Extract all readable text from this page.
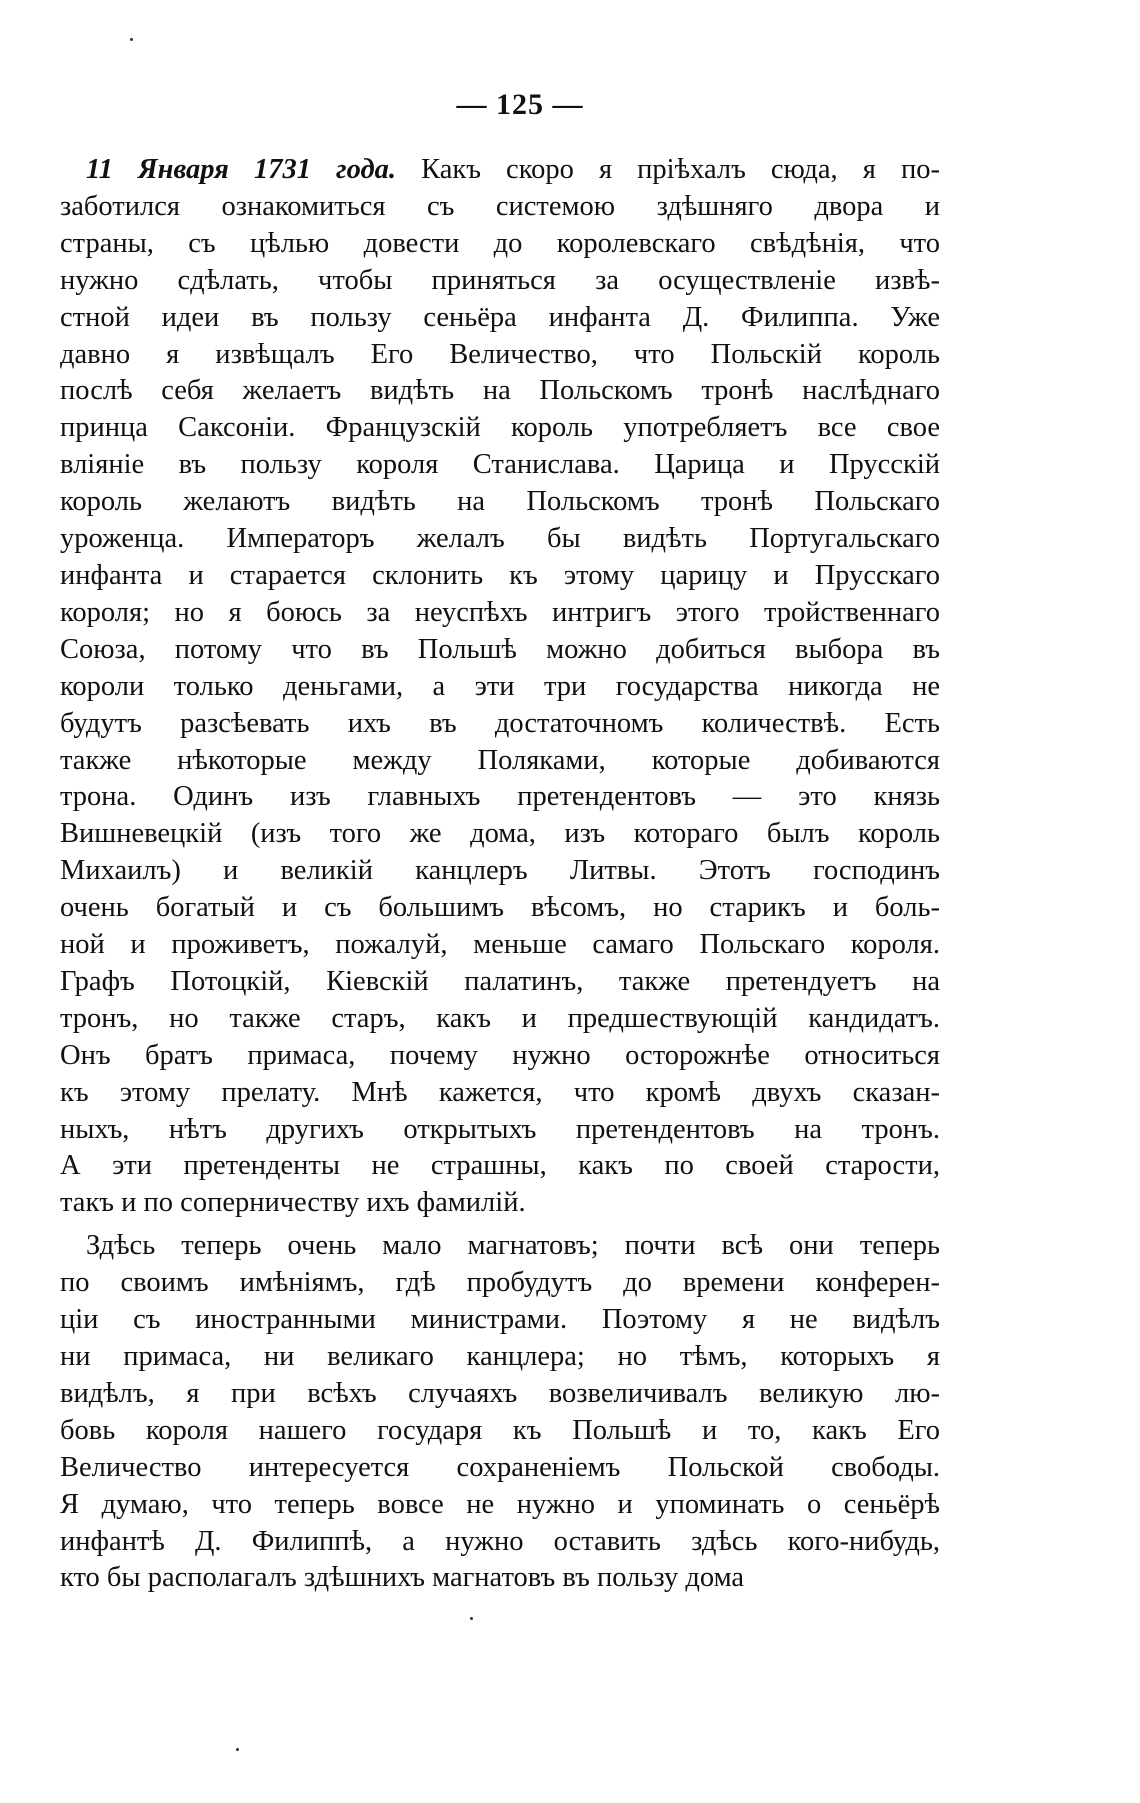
— 125 —
11 Января 1731 года. Какъ скоро я пріѣхалъ сюда, я по-
заботился ознакомиться съ системою здѣшняго двора и
страны, съ цѣлью довести до королевскаго свѣдѣнія, что
нужно сдѣлать, чтобы приняться за осуществленіе извѣ-
стной идеи въ пользу сеньёра инфанта Д. Филиппа. Уже
давно я извѣщалъ Его Величество, что Польскій король
послѣ себя желаетъ видѣть на Польскомъ тронѣ наслѣднаго
принца Саксоніи. Французскій король употребляетъ все свое
вліяніе въ пользу короля Станислава. Царица и Прусскій
король желаютъ видѣть на Польскомъ тронѣ Польскаго
уроженца. Императоръ желалъ бы видѣть Португальскаго
инфанта и старается склонить къ этому царицу и Прусскаго
короля; но я боюсь за неуспѣхъ интригъ этого тройственнаго
Союза, потому что въ Польшѣ можно добиться выбора въ
короли только деньгами, а эти три государства никогда не
будутъ разсѣевать ихъ въ достаточномъ количествѣ. Есть
также нѣкоторые между Поляками, которые добиваются
трона. Одинъ изъ главныхъ претендентовъ — это князь
Вишневецкій (изъ того же дома, изъ котораго былъ король
Михаилъ) и великій канцлеръ Литвы. Этотъ господинъ
очень богатый и съ большимъ вѣсомъ, но старикъ и боль-
ной и проживетъ, пожалуй, меньше самаго Польскаго короля.
Графъ Потоцкій, Кіевскій палатинъ, также претендуетъ на
тронъ, но также старъ, какъ и предшествующій кандидатъ.
Онъ братъ примаса, почему нужно осторожнѣе относиться
къ этому прелату. Мнѣ кажется, что кромѣ двухъ сказан-
ныхъ, нѣтъ другихъ открытыхъ претендентовъ на тронъ.
А эти претенденты не страшны, какъ по своей старости,
такъ и по соперничеству ихъ фамилій.
Здѣсь теперь очень мало магнатовъ; почти всѣ они теперь
по своимъ имѣніямъ, гдѣ пробудутъ до времени конферен-
ціи съ иностранными министрами. Поэтому я не видѣлъ
ни примаса, ни великаго канцлера; но тѣмъ, которыхъ я
видѣлъ, я при всѣхъ случаяхъ возвеличивалъ великую лю-
бовь короля нашего государя къ Польшѣ и то, какъ Его
Величество интересуется сохраненіемъ Польской свободы.
Я думаю, что теперь вовсе не нужно и упоминать о сеньёрѣ
инфантѣ Д. Филиппѣ, а нужно оставить здѣсь кого-нибудь,
кто бы располагалъ здѣшнихъ магнатовъ въ пользу дома
